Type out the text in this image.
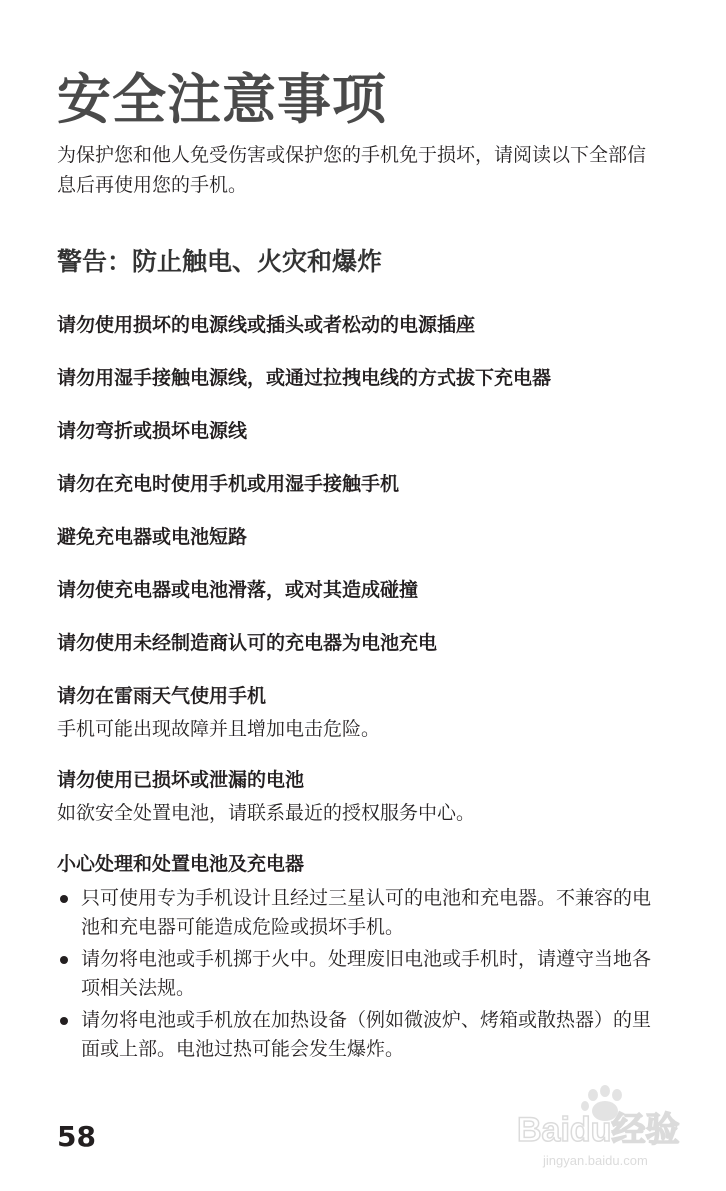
安全注意事项
为保护您和他人免受伤害或保护您的手机免于损坏，请阅读以下全部信息后再使用您的手机。
警告：防止触电、火灾和爆炸
请勿使用损坏的电源线或插头或者松动的电源插座
请勿用湿手接触电源线，或通过拉拽电线的方式拔下充电器
请勿弯折或损坏电源线
请勿在充电时使用手机或用湿手接触手机
避免充电器或电池短路
请勿使充电器或电池滑落，或对其造成碰撞
请勿使用未经制造商认可的充电器为电池充电
请勿在雷雨天气使用手机
手机可能出现故障并且增加电击危险。
请勿使用已损坏或泄漏的电池
如欲安全处置电池，请联系最近的授权服务中心。
小心处理和处置电池及充电器
只可使用专为手机设计且经过三星认可的电池和充电器。不兼容的电池和充电器可能造成危险或损坏手机。
请勿将电池或手机掷于火中。处理废旧电池或手机时，请遵守当地各项相关法规。
请勿将电池或手机放在加热设备（例如微波炉、烤箱或散热器）的里面或上部。电池过热可能会发生爆炸。
58	Baidu经验
jingyan.baidu.com
